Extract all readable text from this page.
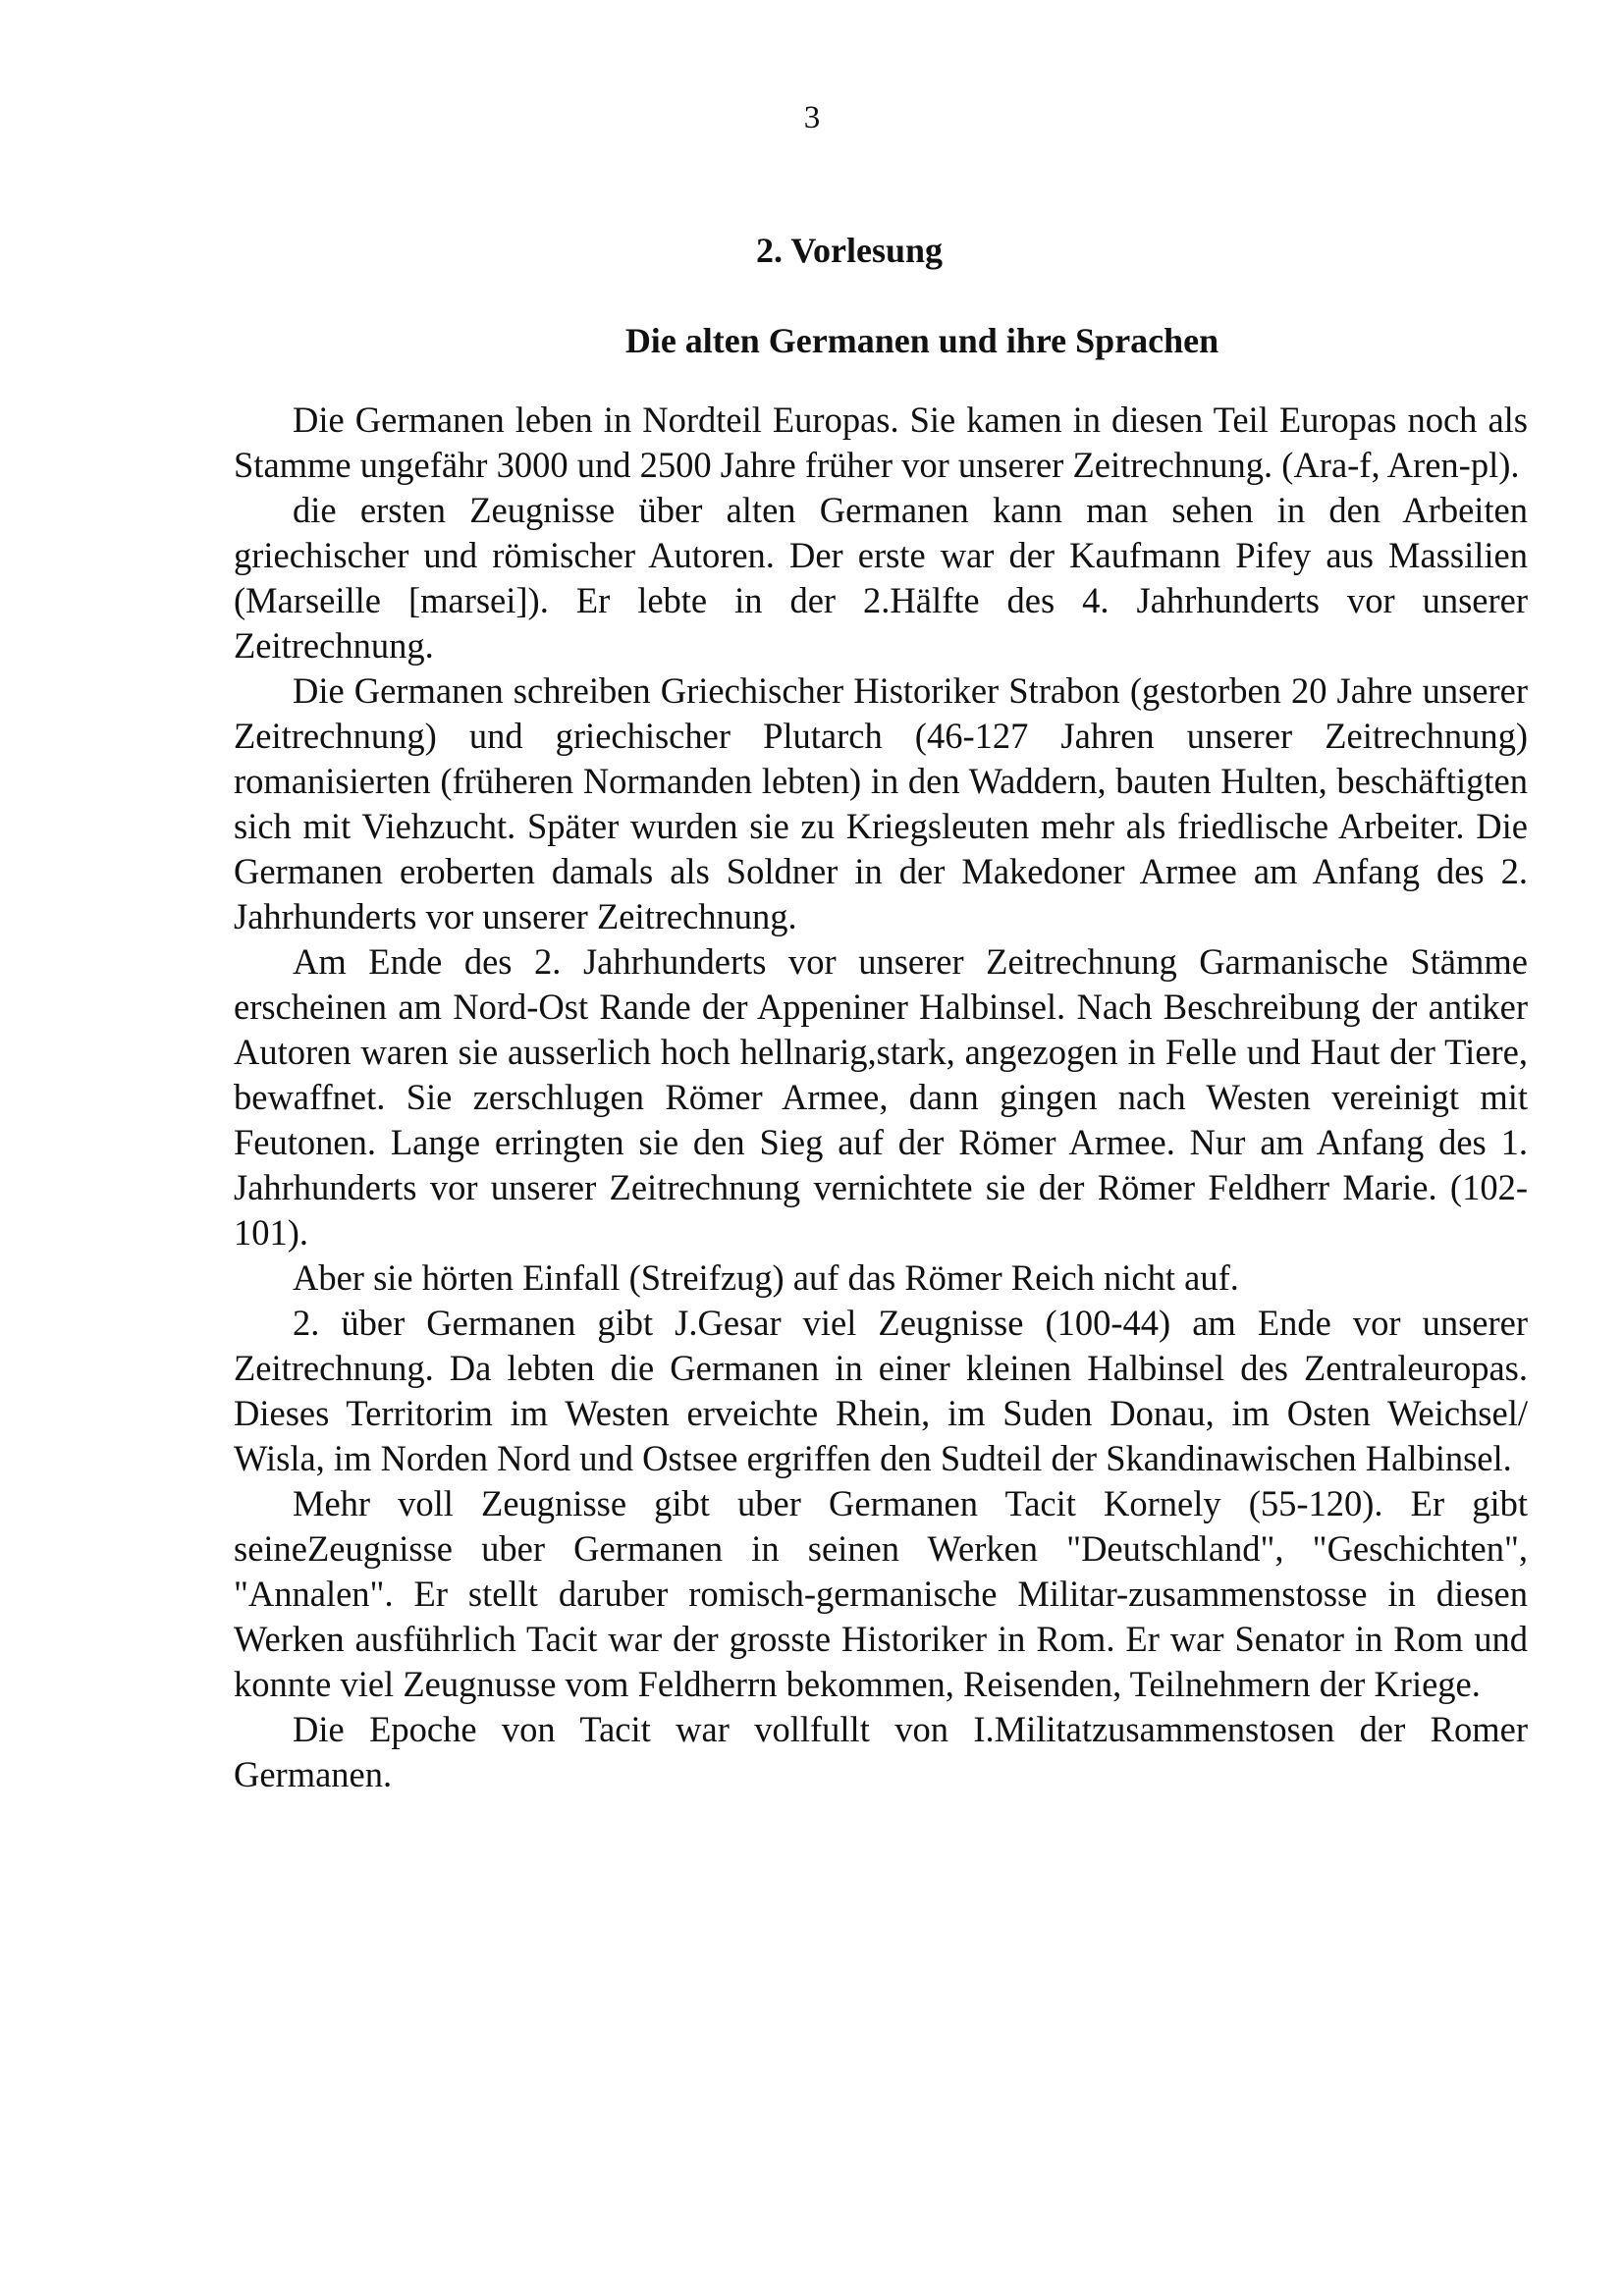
3
2. Vorlesung
Die alten Germanen und ihre Sprachen

Die Germanen leben in Nordteil Europas. Sie kamen in diesen Teil Europas noch als Stamme ungefähr 3000 und 2500 Jahre früher vor unserer Zeitrechnung. (Ara-f, Aren-pl).

die ersten Zeugnisse über alten Germanen kann man sehen in den Arbeiten griechischer und römischer Autoren. Der erste war der Kaufmann Pifey aus Massilien (Marseille [marsei]). Er lebte in der 2.Hälfte des 4. Jahrhunderts vor unserer Zeitrechnung.

Die Germanen schreiben Griechischer Historiker Strabon (gestorben 20 Jahre unserer Zeitrechnung) und griechischer Plutarch (46-127 Jahren unserer Zeitrechnung) romanisierten (früheren Normanden lebten) in den Waddern, bauten Hulten, beschäftigten sich mit Viehzucht. Später wurden sie zu Kriegsleuten mehr als friedlische Arbeiter. Die Germanen eroberten damals als Soldner in der Makedoner Armee am Anfang des 2. Jahrhunderts vor unserer Zeitrechnung.

Am Ende des 2. Jahrhunderts vor unserer Zeitrechnung Garmanische Stämme erscheinen am Nord-Ost Rande der Appeniner Halbinsel. Nach Beschreibung der antiker Autoren waren sie ausserlich hoch hellnarig,stark, angezogen in Felle und Haut der Tiere, bewaffnet. Sie zerschlugen Römer Armee, dann gingen nach Westen vereinigt mit Feutonen. Lange erringten sie den Sieg auf der Römer Armee. Nur am Anfang des 1. Jahrhunderts vor unserer Zeitrechnung vernichtete sie der Römer Feldherr Marie. (102-101).

Aber sie hörten Einfall (Streifzug) auf das Römer Reich nicht auf.

2. über Germanen gibt J.Gesar viel Zeugnisse (100-44) am Ende vor unserer Zeitrechnung. Da lebten die Germanen in einer kleinen Halbinsel des Zentraleuropas. Dieses Territorim im Westen erveichte Rhein, im Suden Donau, im Osten Weichsel/ Wisla, im Norden Nord und Ostsee ergriffen den Sudteil der Skandinawischen Halbinsel.

Mehr voll Zeugnisse gibt uber Germanen Tacit Kornely (55-120). Er gibt seineZeugnisse uber Germanen in seinen Werken "Deutschland", "Geschichten", "Annalen". Er stellt daruber romisch-germanische Militar-zusammenstosse in diesen Werken ausführlich Tacit war der grosste Historiker in Rom. Er war Senator in Rom und konnte viel Zeugnusse vom Feldherrn bekommen, Reisenden, Teilnehmern der Kriege.

Die Epoche von Tacit war vollfullt von I.Militatzusammenstosen der Romer Germanen.
